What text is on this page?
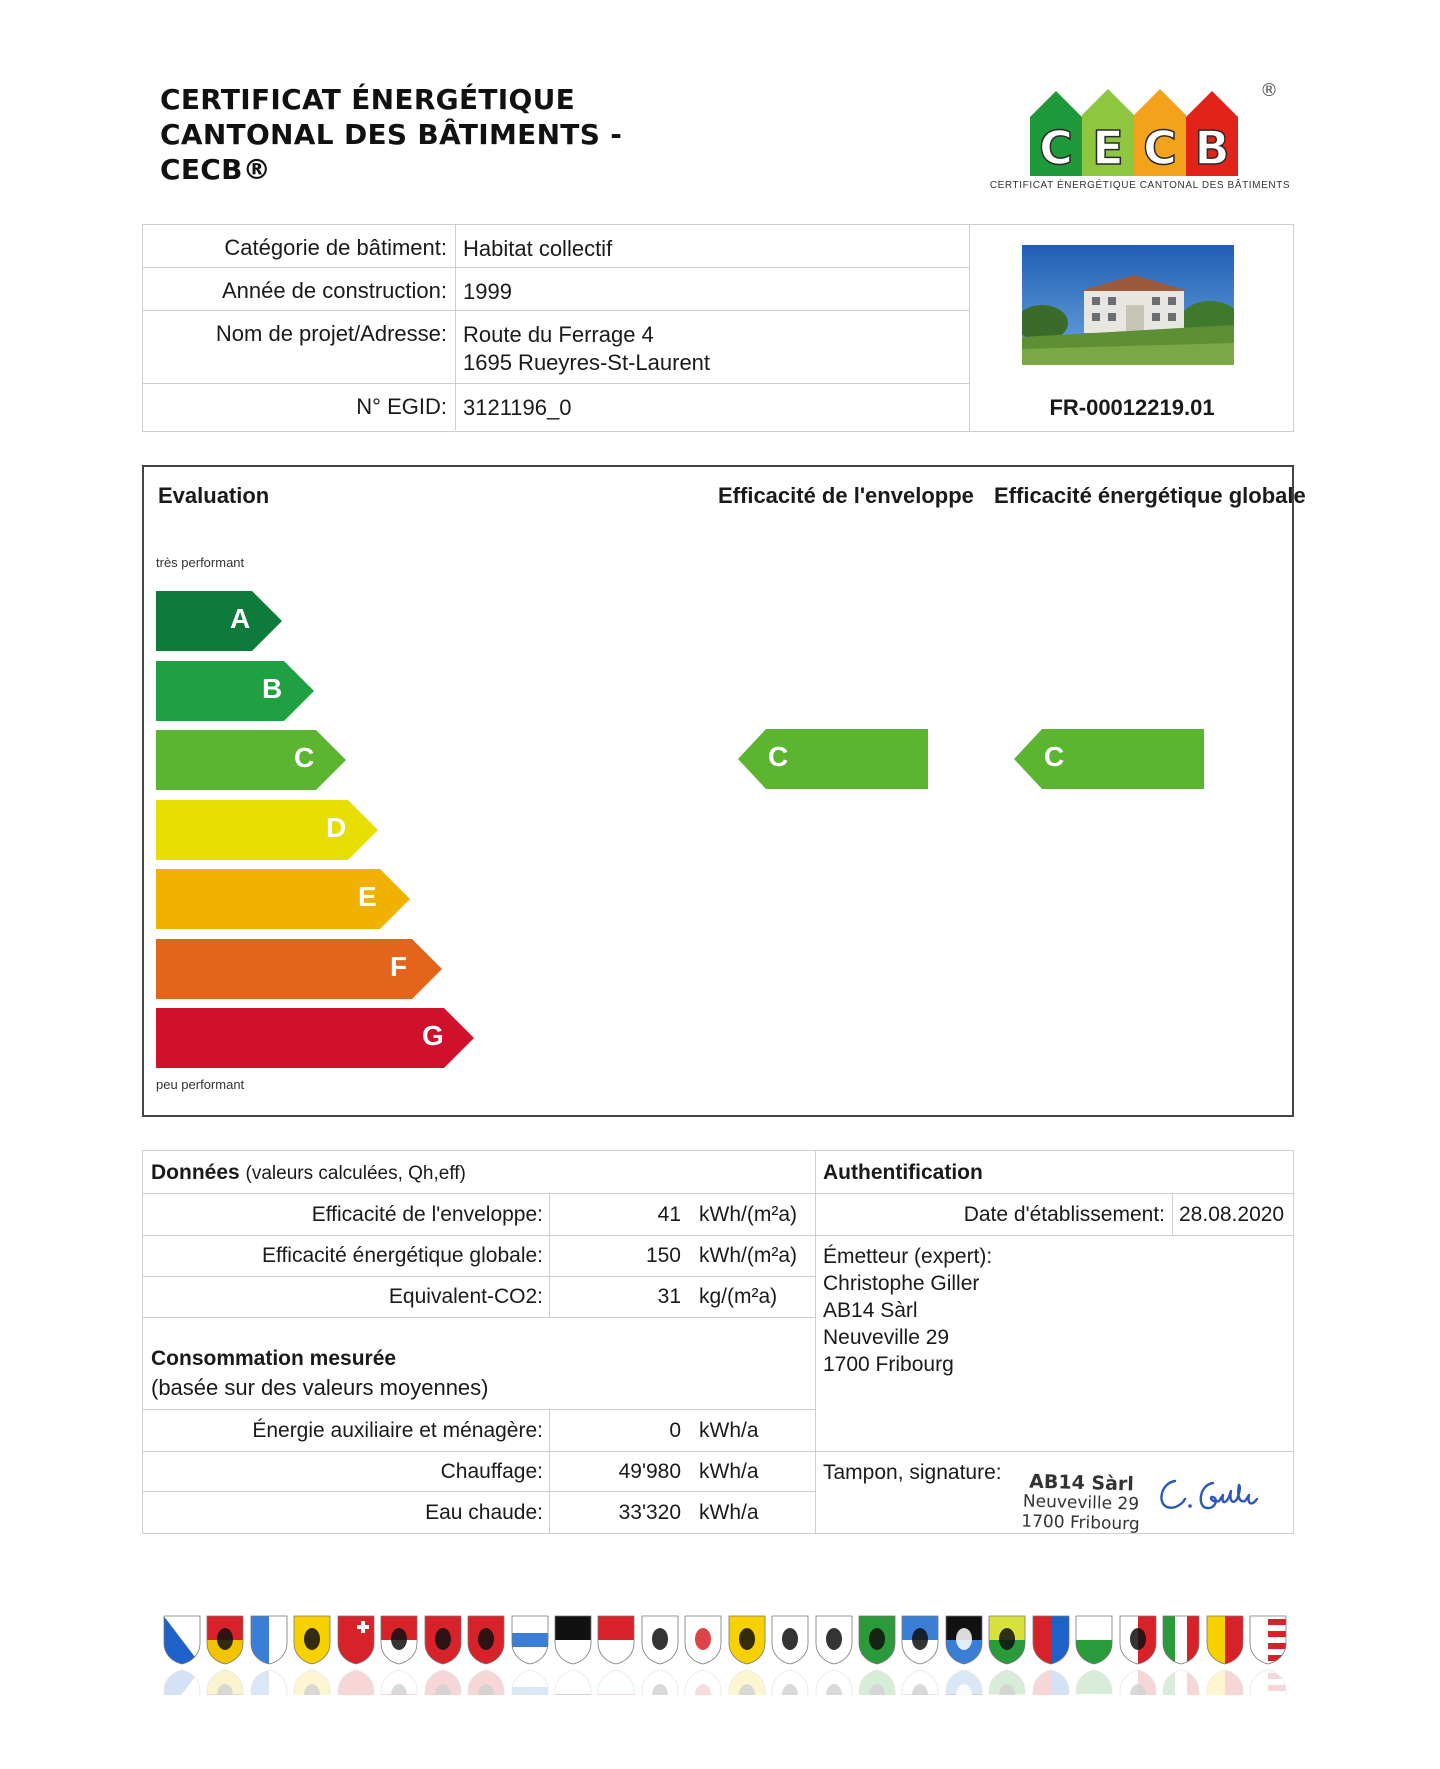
CERTIFICAT ÉNERGÉTIQUE
CANTONAL DES BÂTIMENTS -
CECB®	C E C B
®
CERTIFICAT ÉNERGÉTIQUE CANTONAL DES BÂTIMENTS
Catégorie de bâtiment: Habitat collectif
Année de construction: 1999
Nom de projet/Adresse: Route du Ferrage 4
1695 Rueyres-St-Laurent
N° EGID: 3121196_0	FR-00012219.01
Evaluation	Efficacité de l'enveloppe Efficacité énergétique globale
très performant
peu performant
A
B
C
D
E
F
G
C	C
Données (valeurs calculées, Qh,eff)
Efficacité de l'enveloppe:	41 kWh/(m²a)
Efficacité énergétique globale:	150 kWh/(m²a)
Equivalent-CO2:	31 kg/(m²a)
Consommation mesurée
(basée sur des valeurs moyennes)
Énergie auxiliaire et ménagère:	0 kWh/a
Chauffage:	49'980 kWh/a
Eau chaude:	33'320 kWh/a
Authentification
Date d'établissement: 28.08.2020
Émetteur (expert):
Christophe Giller
AB14 Sàrl
Neuveville 29
1700 Fribourg
Tampon, signature:	AB14 Sàrl
Neuveville 29
1700 Fribourg
